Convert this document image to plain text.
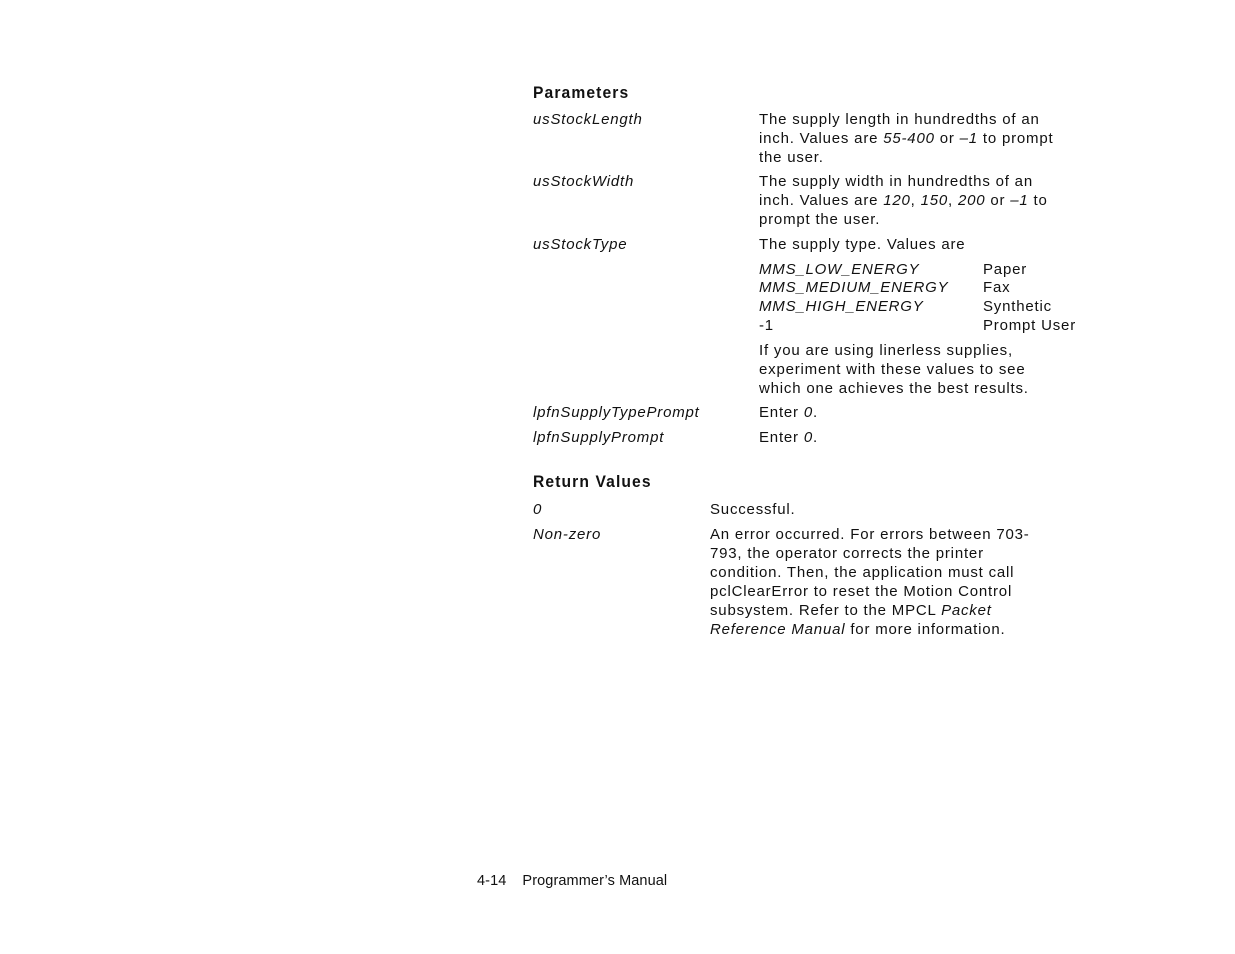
Parameters
usStockLength	The supply length in hundredths of an
inch. Values are 55-400 or –1 to prompt
the user.
usStockWidth	The supply width in hundredths of an
inch. Values are 120, 150, 200 or –1 to
prompt the user.
usStockType	The supply type. Values are
MMS_LOW_ENERGY	Paper
MMS_MEDIUM_ENERGY Fax
MMS_HIGH_ENERGY	Synthetic
-1	Prompt User
If you are using linerless supplies,
experiment with these values to see
which one achieves the best results.
lpfnSupplyTypePrompt	Enter 0.
lpfnSupplyPrompt	Enter 0.
Return Values
0	Successful.
Non-zero	An error occurred. For errors between 703-
793, the operator corrects the printer
condition. Then, the application must call
pclClearError to reset the Motion Control
subsystem. Refer to the MPCL Packet
Reference Manual for more information.
4-14 Programmer’s Manual
